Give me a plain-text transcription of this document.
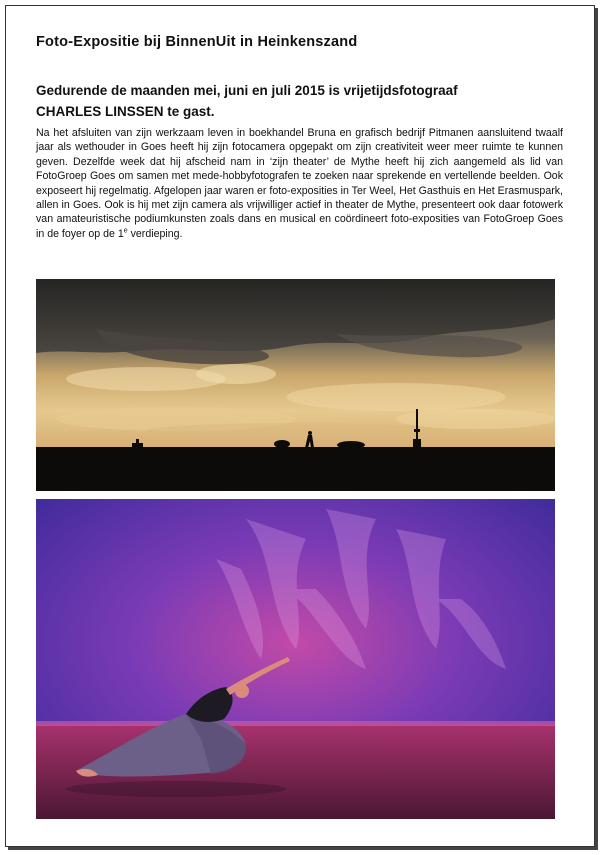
Foto-Expositie bij BinnenUit in Heinkenszand
Gedurende de maanden mei, juni en juli 2015 is vrijetijdsfotograaf
CHARLES LINSSEN te gast.
Na het afsluiten van zijn werkzaam leven in boekhandel Bruna en grafisch bedrijf Pitmanen aansluitend twaalf jaar als wethouder in Goes heeft hij zijn fotocamera opgepakt om zijn creativiteit weer meer ruimte te kunnen geven. Dezelfde week dat hij afscheid nam in ‘zijn theater’ de Mythe heeft hij zich aangemeld als lid van FotoGroep Goes om samen met mede-hobbyfotografen te zoeken naar sprekende en vertellende beelden. Ook exposeert hij regelmatig. Afgelopen jaar waren er foto-exposities in Ter Weel, Het Gasthuis en Het Erasmuspark, allen in Goes. Ook is hij met zijn camera als vrijwilliger actief in theater de Mythe, presenteert ook daar fotowerk van amateuristische podiumkunsten zoals dans en musical en coördineert foto-exposities van FotoGroep Goes in de foyer op de 1e verdieping.
